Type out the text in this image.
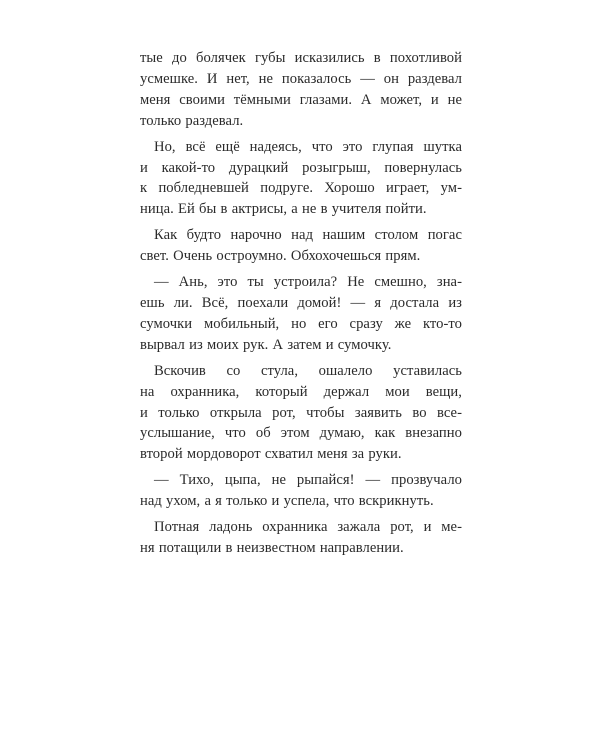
тые до болячек губы исказились в похотливой
усмешке. И нет, не показалось — он раздевал
меня своими тёмными глазами. А может, и не
только раздевал.

Но, всё ещё надеясь, что это глупая шутка
и какой-то дурацкий розыгрыш, повернулась
к побледневшей подруге. Хорошо играет, ум-
ница. Ей бы в актрисы, а не в учителя пойти.

Как будто нарочно над нашим столом погас
свет. Очень остроумно. Обхохочешься прям.

— Ань, это ты устроила? Не смешно, зна-
ешь ли. Всё, поехали домой! — я достала из
сумочки мобильный, но его сразу же кто-то
вырвал из моих рук. А затем и сумочку.

Вскочив со стула, ошалело уставилась
на охранника, который держал мои вещи,
и только открыла рот, чтобы заявить во все-
услышание, что об этом думаю, как внезапно
второй мордоворот схватил меня за руки.

— Тихо, цыпа, не рыпайся! — прозвучало
над ухом, а я только и успела, что вскрикнуть.

Потная ладонь охранника зажала рот, и ме-
ня потащили в неизвестном направлении.
